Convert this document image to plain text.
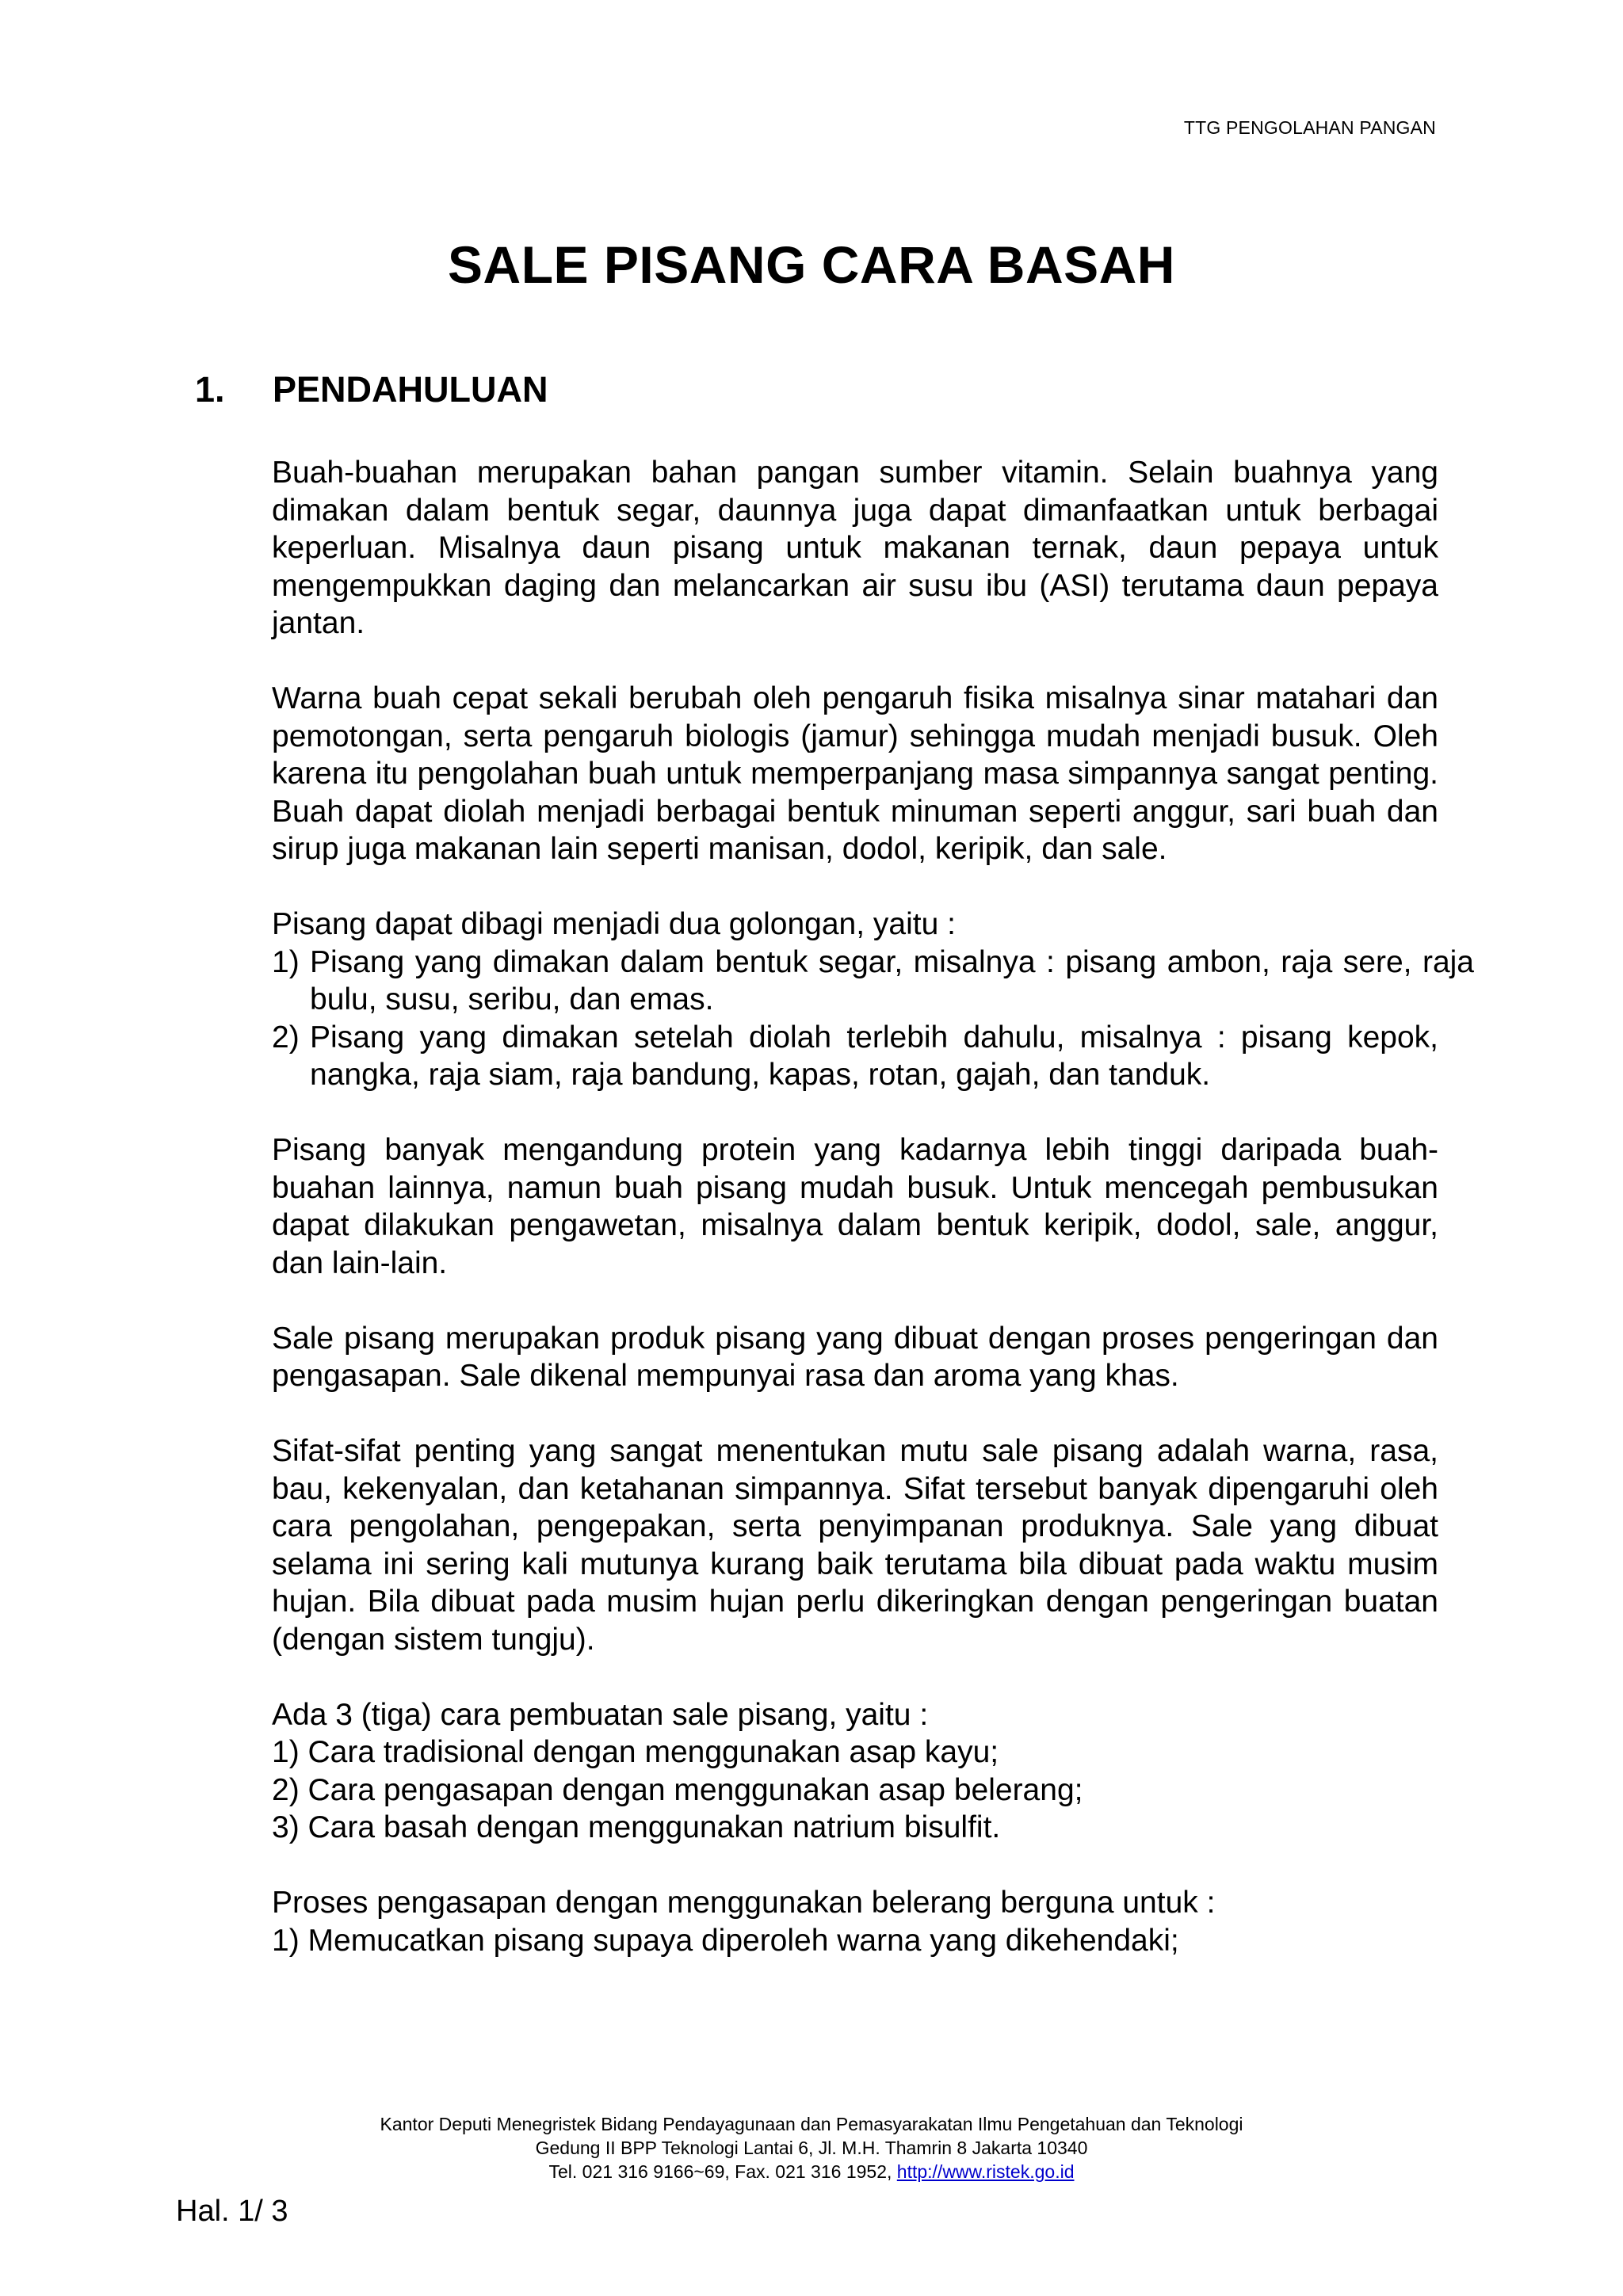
TTG PENGOLAHAN PANGAN
SALE PISANG CARA BASAH
1. PENDAHULUAN

Buah-buahan merupakan bahan pangan sumber vitamin. Selain buahnya yang dimakan dalam bentuk segar, daunnya juga dapat dimanfaatkan untuk berbagai keperluan. Misalnya daun pisang untuk makanan ternak, daun pepaya untuk mengempukkan daging dan melancarkan air susu ibu (ASI) terutama daun pepaya jantan.

Warna buah cepat sekali berubah oleh pengaruh fisika misalnya sinar matahari dan pemotongan, serta pengaruh biologis (jamur) sehingga mudah menjadi busuk. Oleh karena itu pengolahan buah untuk memperpanjang masa simpannya sangat penting. Buah dapat diolah menjadi berbagai bentuk minuman seperti anggur, sari buah dan sirup juga makanan lain seperti manisan, dodol, keripik, dan sale.

Pisang dapat dibagi menjadi dua golongan, yaitu :

1) Pisang yang dimakan dalam bentuk segar, misalnya : pisang ambon, raja sere, raja bulu, susu, seribu, dan emas.
2) Pisang yang dimakan setelah diolah terlebih dahulu, misalnya : pisang kepok, nangka, raja siam, raja bandung, kapas, rotan, gajah, dan tanduk.

Pisang banyak mengandung protein yang kadarnya lebih tinggi daripada buah- buahan lainnya, namun buah pisang mudah busuk. Untuk mencegah pembusukan dapat dilakukan pengawetan, misalnya dalam bentuk keripik, dodol, sale, anggur, dan lain-lain.

Sale pisang merupakan produk pisang yang dibuat dengan proses pengeringan dan pengasapan. Sale dikenal mempunyai rasa dan aroma yang khas.

Sifat-sifat penting yang sangat menentukan mutu sale pisang adalah warna, rasa, bau, kekenyalan, dan ketahanan simpannya. Sifat tersebut banyak dipengaruhi oleh cara pengolahan, pengepakan, serta penyimpanan produknya. Sale yang dibuat selama ini sering kali mutunya kurang baik terutama bila dibuat pada waktu musim hujan. Bila dibuat pada musim hujan perlu dikeringkan dengan pengeringan buatan (dengan sistem tungju).

Ada 3 (tiga) cara pembuatan sale pisang, yaitu :

1) Cara tradisional dengan menggunakan asap kayu;

2) Cara pengasapan dengan menggunakan asap belerang;

3) Cara basah dengan menggunakan natrium bisulfit.

Proses pengasapan dengan menggunakan belerang berguna untuk :

1) Memucatkan pisang supaya diperoleh warna yang dikehendaki;

Kantor Deputi Menegristek Bidang Pendayagunaan dan Pemasyarakatan Ilmu Pengetahuan dan Teknologi
Gedung II BPP Teknologi Lantai 6, Jl. M.H. Thamrin 8 Jakarta 10340
Tel. 021 316 9166~69, Fax. 021 316 1952, http://www.ristek.go.id
Hal. 1/ 3
